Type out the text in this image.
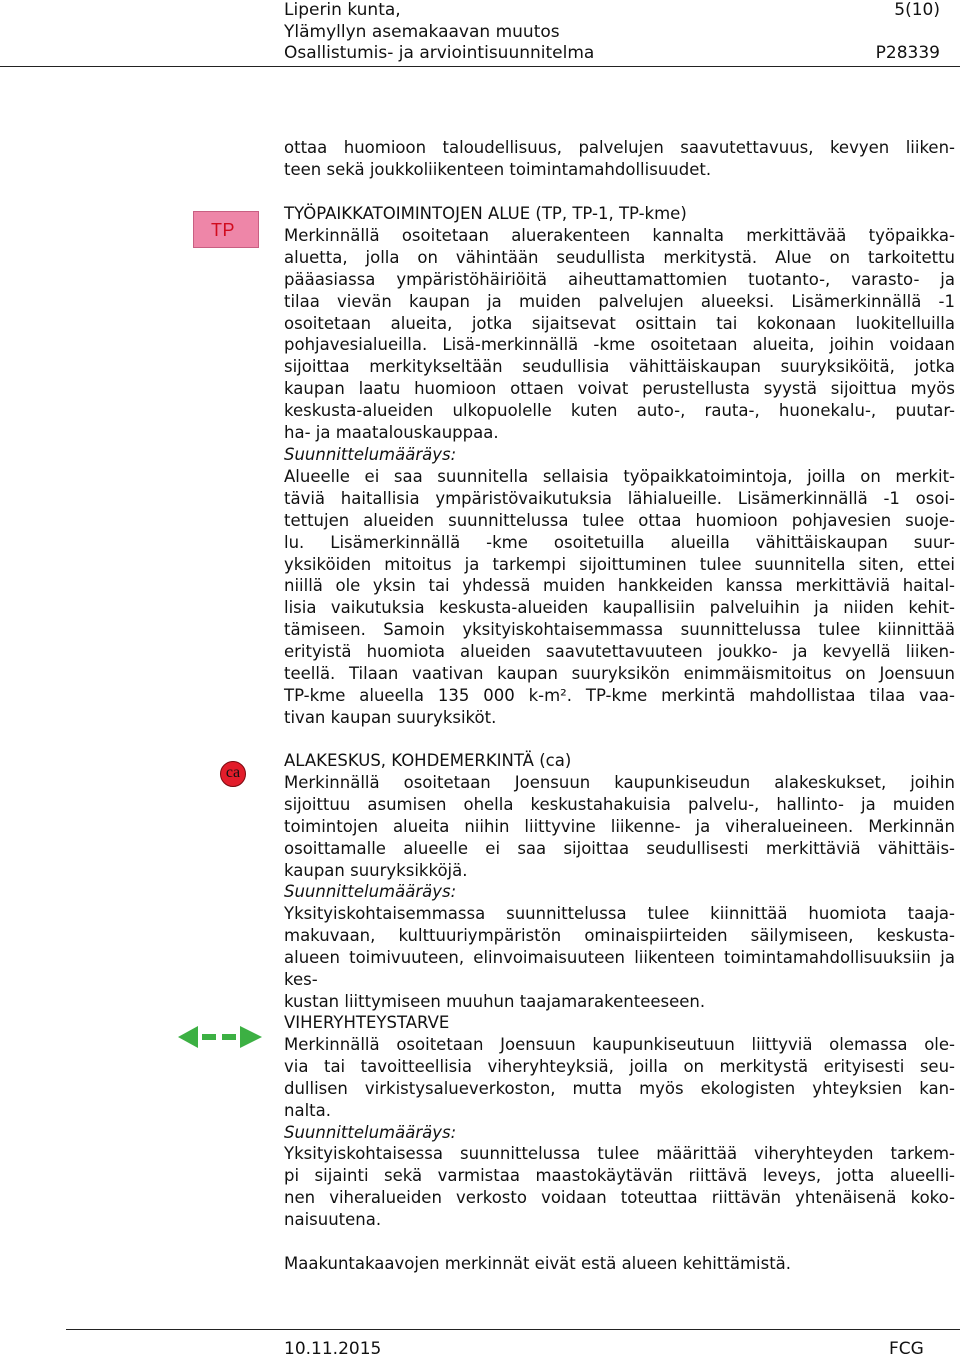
Liperin kunta,
Ylämyllyn asemakaavan muutos
Osallistumis- ja arviointisuunnitelma
5(10)
P28339
ottaa huomioon taloudellisuus, palvelujen saavutettavuus, kevyen liiken-
teen sekä joukkoliikenteen toimintamahdollisuudet.
TP
TYÖPAIKKATOIMINTOJEN ALUE (TP, TP-1, TP-kme)
Merkinnällä osoitetaan aluerakenteen kannalta merkittävää työpaikka-
aluetta, jolla on vähintään seudullista merkitystä. Alue on tarkoitettu
pääasiassa ympäristöhäiriöitä aiheuttamattomien tuotanto-, varasto- ja
tilaa vievän kaupan ja muiden palvelujen alueeksi. Lisämerkinnällä -1
osoitetaan alueita, jotka sijaitsevat osittain tai kokonaan luokitelluilla
pohjavesialueilla. Lisä-merkinnällä -kme osoitetaan alueita, joihin voidaan
sijoittaa merkitykseltään seudullisia vähittäiskaupan suuryksiköitä, jotka
kaupan laatu huomioon ottaen voivat perustellusta syystä sijoittua myös
keskusta-alueiden ulkopuolelle kuten auto-, rauta-, huonekalu-, puutar-
ha- ja maatalouskauppaa.
Suunnittelumääräys:
Alueelle ei saa suunnitella sellaisia työpaikkatoimintoja, joilla on merkit-
täviä haitallisia ympäristövaikutuksia lähialueille. Lisämerkinnällä -1 osoi-
tettujen alueiden suunnittelussa tulee ottaa huomioon pohjavesien suoje-
lu. Lisämerkinnällä -kme osoitetuilla alueilla vähittäiskaupan suur-
yksiköiden mitoitus ja tarkempi sijoittuminen tulee suunnitella siten, ettei
niillä ole yksin tai yhdessä muiden hankkeiden kanssa merkittäviä haital-
lisia vaikutuksia keskusta-alueiden kaupallisiin palveluihin ja niiden kehit-
tämiseen. Samoin yksityiskohtaisemmassa suunnittelussa tulee kiinnittää
erityistä huomiota alueiden saavutettavuuteen joukko- ja kevyellä liiken-
teellä. Tilaan vaativan kaupan suuryksikön enimmäismitoitus on Joensuun
TP-kme alueella 135 000 k-m². TP-kme merkintä mahdollistaa tilaa vaa-
tivan kaupan suuryksiköt.
ca
ALAKESKUS, KOHDEMERKINTÄ (ca)
Merkinnällä osoitetaan Joensuun kaupunkiseudun alakeskukset, joihin
sijoittuu asumisen ohella keskustahakuisia palvelu-, hallinto- ja muiden
toimintojen alueita niihin liittyvine liikenne- ja viheralueineen. Merkinnän
osoittamalle alueelle ei saa sijoittaa seudullisesti merkittäviä vähittäis-
kaupan suuryksikköjä.
Suunnittelumääräys:
Yksityiskohtaisemmassa suunnittelussa tulee kiinnittää huomiota taaja-
makuvaan, kulttuuriympäristön ominaispiirteiden säilymiseen, keskusta-
alueen toimivuuteen, elinvoimaisuuteen liikenteen toimintamahdollisuuksiin ja kes-
kustan liittymiseen muuhun taajamarakenteeseen.
VIHERYHTEYSTARVE
Merkinnällä osoitetaan Joensuun kaupunkiseutuun liittyviä olemassa ole-
via tai tavoitteellisia viheryhteyksiä, joilla on merkitystä erityisesti seu-
dullisen virkistysalueverkoston, mutta myös ekologisten yhteyksien kan-
nalta.
Suunnittelumääräys:
Yksityiskohtaisessa suunnittelussa tulee määrittää viheryhteyden tarkem-
pi sijainti sekä varmistaa maastokäytävän riittävä leveys, jotta alueelli-
nen viheralueiden verkosto voidaan toteuttaa riittävän yhtenäisenä koko-
naisuutena.
Maakuntakaavojen merkinnät eivät estä alueen kehittämistä.
10.11.2015	FCG
